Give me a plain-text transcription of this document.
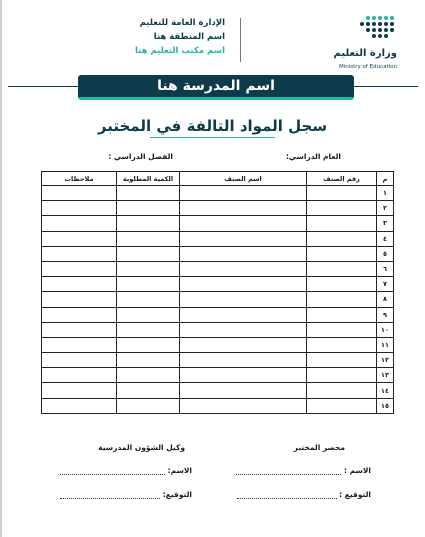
وزارة التعليم
Ministry of Education
الإدارة العامة للتعليم
اسم المنطقة هنا
اسم مكتب التعليم هنا
اسم المدرسة هنا
سجل المواد التالفة في المختبر
العام الدراسي:
الفصل الدراسي :
م	رقم الصنف	اسم الصنف	الكمية المطلوبة	ملاحظات
١				
٢				
٣				
٤				
٥				
٦				
٧				
٨				
٩				
١٠				
١١				
١٢				
١٣				
١٤				
١٥				
محضر المختبر
وكيل الشؤون المدرسية
الاسم :
التوقيع :
الاسم:
التوقيع:
